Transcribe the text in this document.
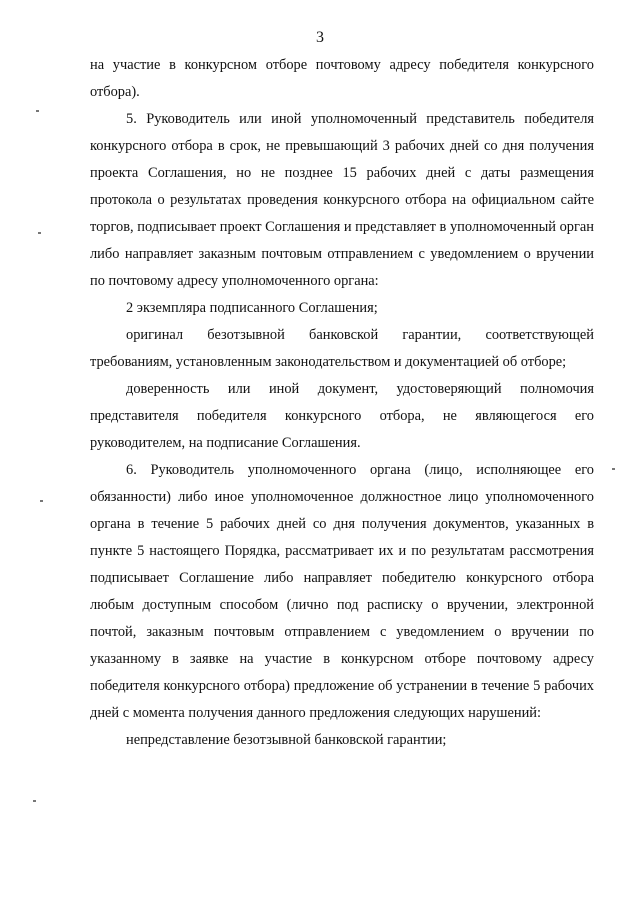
3

на участие в конкурсном отборе почтовому адресу победителя конкурсного отбора).

5. Руководитель или иной уполномоченный представитель победителя конкурсного отбора в срок, не превышающий 3 рабочих дней со дня получения проекта Соглашения, но не позднее 15 рабочих дней с даты размещения протокола о результатах проведения конкурсного отбора на официальном сайте торгов, подписывает проект Соглашения и представляет в уполномоченный орган либо направляет заказным почтовым отправлением с уведомлением о вручении по почтовому адресу уполномоченного органа:

2 экземпляра подписанного Соглашения;

оригинал безотзывной банковской гарантии, соответствующей требованиям, установленным законодательством и документацией об отборе;

доверенность или иной документ, удостоверяющий полномочия представителя победителя конкурсного отбора, не являющегося его руководителем, на подписание Соглашения.

6. Руководитель уполномоченного органа (лицо, исполняющее его обязанности) либо иное уполномоченное должностное лицо уполномоченного органа в течение 5 рабочих дней со дня получения документов, указанных в пункте 5 настоящего Порядка, рассматривает их и по результатам рассмотрения подписывает Соглашение либо направляет победителю конкурсного отбора любым доступным способом (лично под расписку о вручении, электронной почтой, заказным почтовым отправлением с уведомлением о вручении по указанному в заявке на участие в конкурсном отборе почтовому адресу победителя конкурсного отбора) предложение об устранении в течение 5 рабочих дней с момента получения данного предложения следующих нарушений:

непредставление безотзывной банковской гарантии;
